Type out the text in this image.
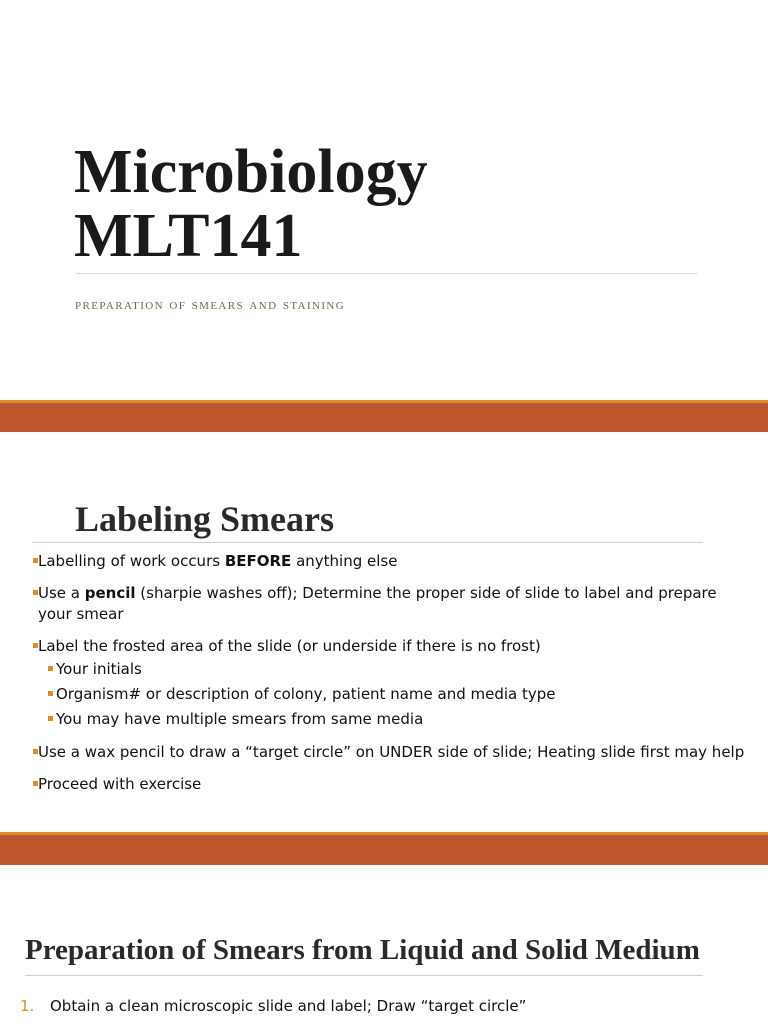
Microbiology
MLT141

preparation of smears and staining

Labeling Smears
Labelling of work occurs BEFORE anything else
Use a pencil (sharpie washes off); Determine the proper side of slide to label and prepare your smear
Label the frosted area of the slide (or underside if there is no frost)
Your initials
Organism# or description of colony, patient name and media type
You may have multiple smears from same media
Use a wax pencil to draw a “target circle” on UNDER side of slide; Heating slide first may help
Proceed with exercise
Preparation of Smears from Liquid and Solid Medium
1. Obtain a clean microscopic slide and label; Draw “target circle”
